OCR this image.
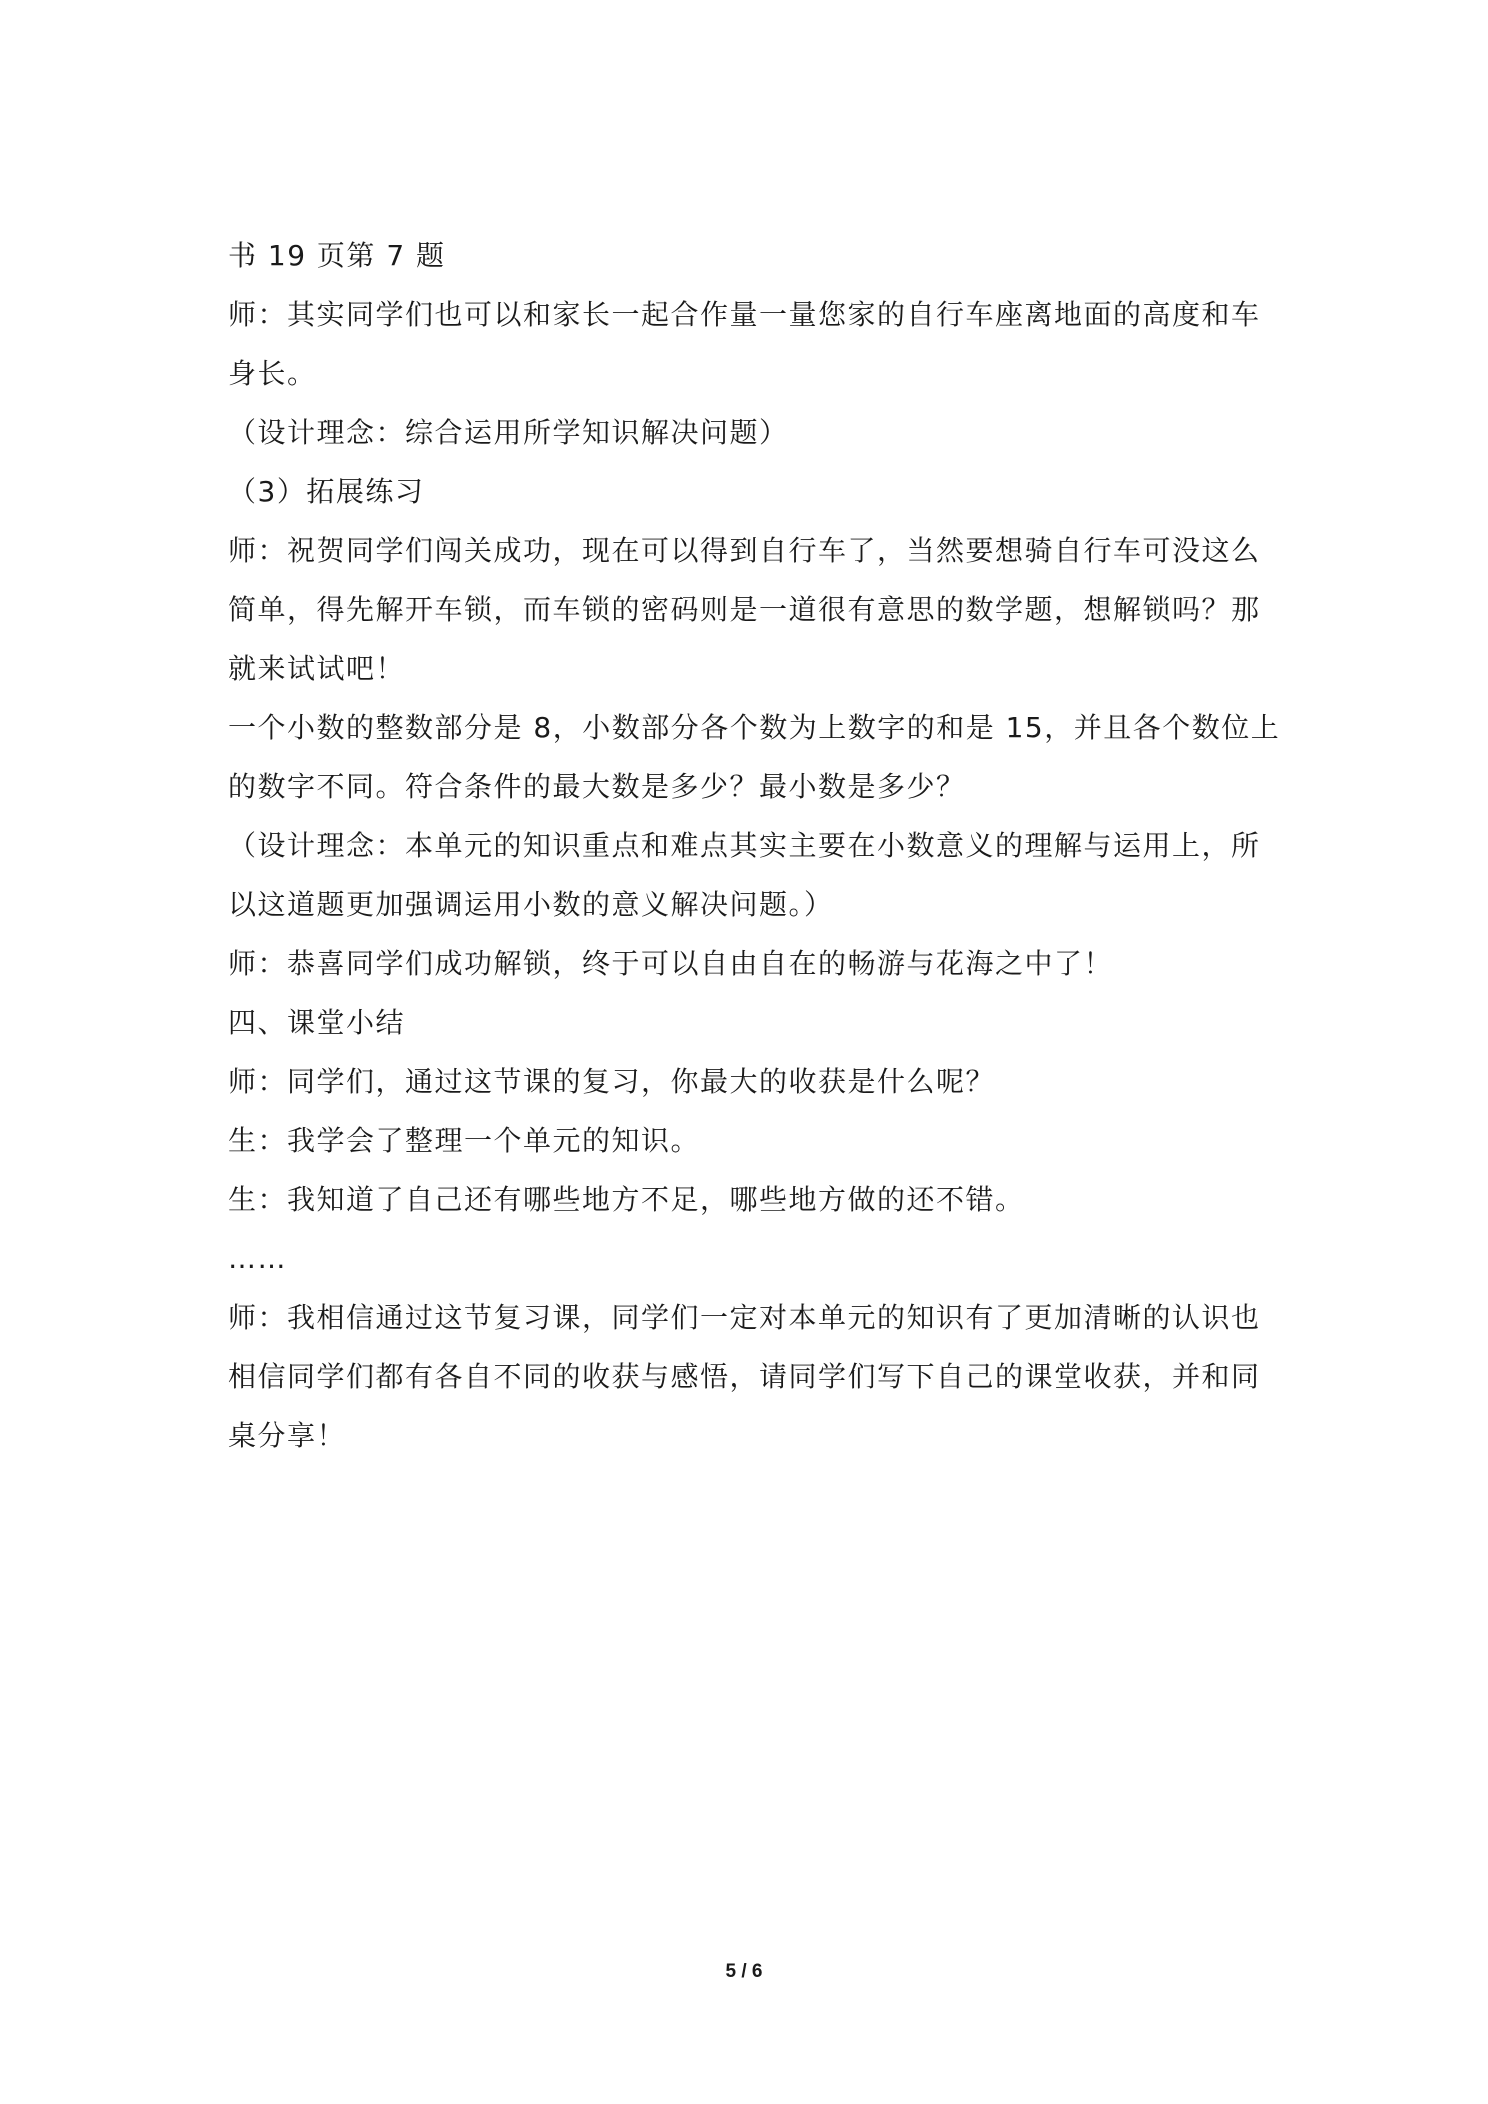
书 19 页第 7 题
师：其实同学们也可以和家长一起合作量一量您家的自行车座离地面的高度和车
身长。
（设计理念：综合运用所学知识解决问题）
（3）拓展练习
师：祝贺同学们闯关成功，现在可以得到自行车了，当然要想骑自行车可没这么
简单，得先解开车锁，而车锁的密码则是一道很有意思的数学题，想解锁吗？那
就来试试吧！
一个小数的整数部分是 8，小数部分各个数为上数字的和是 15，并且各个数位上
的数字不同。符合条件的最大数是多少？最小数是多少？
（设计理念：本单元的知识重点和难点其实主要在小数意义的理解与运用上，所
以这道题更加强调运用小数的意义解决问题。）
师：恭喜同学们成功解锁，终于可以自由自在的畅游与花海之中了！
四、课堂小结
师：同学们，通过这节课的复习，你最大的收获是什么呢？
生：我学会了整理一个单元的知识。
生：我知道了自己还有哪些地方不足，哪些地方做的还不错。
……
师：我相信通过这节复习课，同学们一定对本单元的知识有了更加清晰的认识也
相信同学们都有各自不同的收获与感悟，请同学们写下自己的课堂收获，并和同
桌分享！
5 / 6
